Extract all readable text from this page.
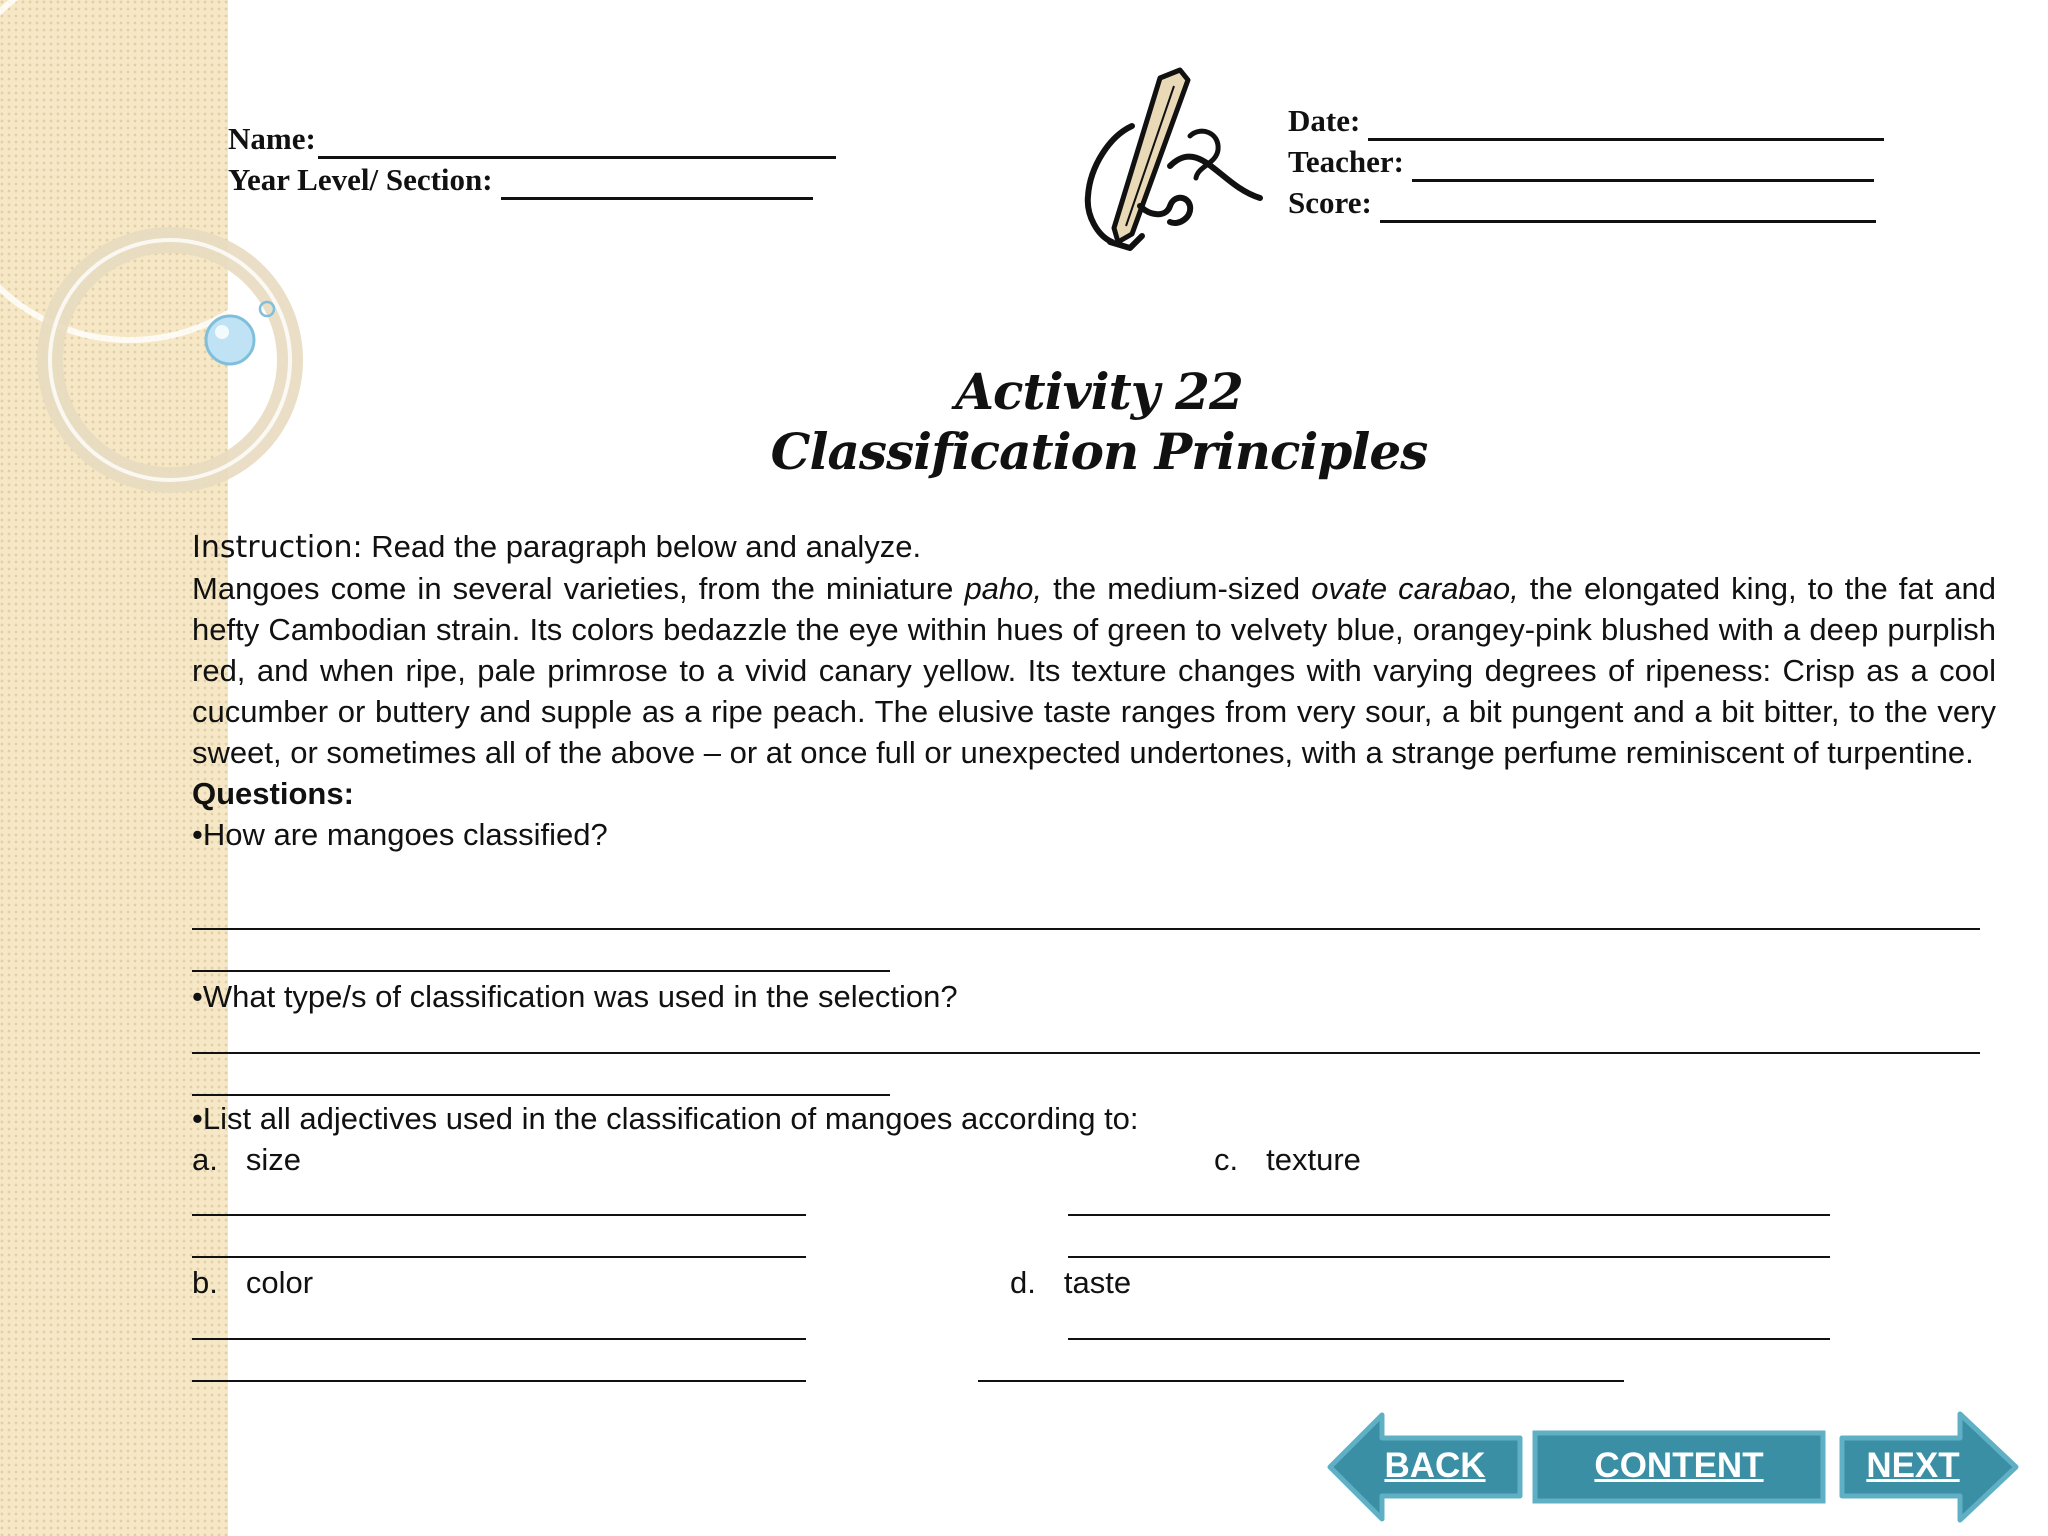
Name:
Year Level/ Section:
Date:
Teacher:
Score:
Activity 22
Classification Principles
Instruction: Read the paragraph below and analyze.

Mangoes come in several varieties, from the miniature paho, the medium-sized ovate carabao, the elongated king, to the fat and hefty Cambodian strain. Its colors bedazzle the eye within hues of green to velvety blue, orangey-pink blushed with a deep purplish red, and when ripe, pale primrose to a vivid canary yellow. Its texture changes with varying degrees of ripeness: Crisp as a cool cucumber or buttery and supple as a ripe peach. The elusive taste ranges from very sour, a bit pungent and a bit bitter, to the very sweet, or sometimes all of the above – or at once full or unexpected undertones, with a strange perfume reminiscent of turpentine.

Questions:
•How are mangoes classified?
•What type/s of classification was used in the selection?
•List all adjectives used in the classification of mangoes according to:
a. size	c. texture
b. color	d. taste
BACK	CONTENT	NEXT
